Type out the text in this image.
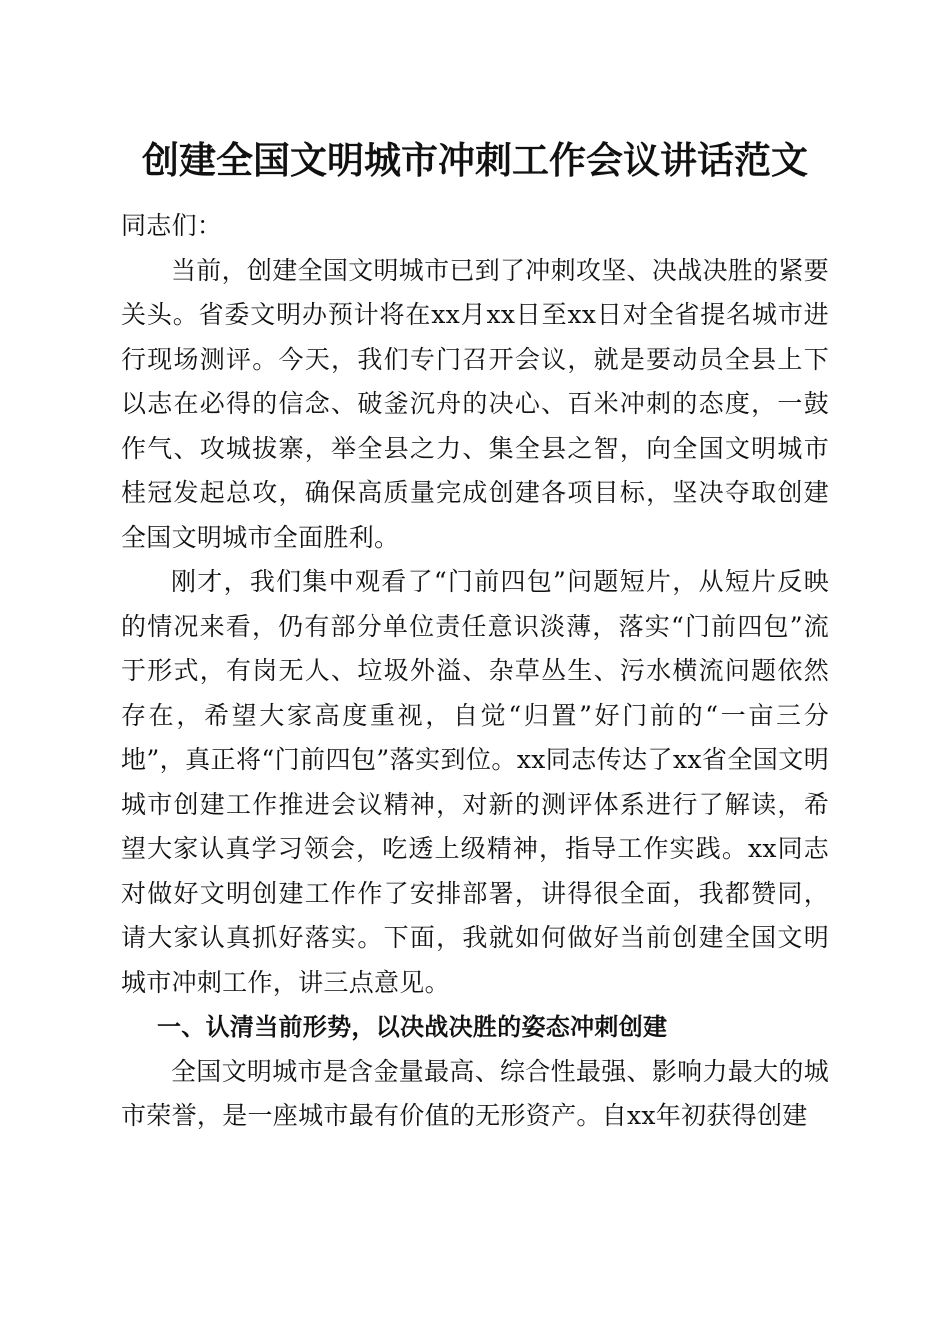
创建全国文明城市冲刺工作会议讲话范文

同志们：

当前，创建全国文明城市已到了冲刺攻坚、决战决胜的紧要关头。省委文明办预计将在xx月xx日至xx日对全省提名城市进行现场测评。今天，我们专门召开会议，就是要动员全县上下以志在必得的信念、破釜沉舟的决心、百米冲刺的态度，一鼓作气、攻城拔寨，举全县之力、集全县之智，向全国文明城市桂冠发起总攻，确保高质量完成创建各项目标，坚决夺取创建全国文明城市全面胜利。

刚才，我们集中观看了“门前四包”问题短片，从短片反映的情况来看，仍有部分单位责任意识淡薄，落实“门前四包”流于形式，有岗无人、垃圾外溢、杂草丛生、污水横流问题依然存在，希望大家高度重视，自觉“归置”好门前的“一亩三分地”，真正将“门前四包”落实到位。xx同志传达了xx省全国文明城市创建工作推进会议精神，对新的测评体系进行了解读，希望大家认真学习领会，吃透上级精神，指导工作实践。xx同志对做好文明创建工作作了安排部署，讲得很全面，我都赞同，请大家认真抓好落实。下面，我就如何做好当前创建全国文明城市冲刺工作，讲三点意见。

一、认清当前形势，以决战决胜的姿态冲刺创建

全国文明城市是含金量最高、综合性最强、影响力最大的城市荣誉，是一座城市最有价值的无形资产。自xx年初获得创建
